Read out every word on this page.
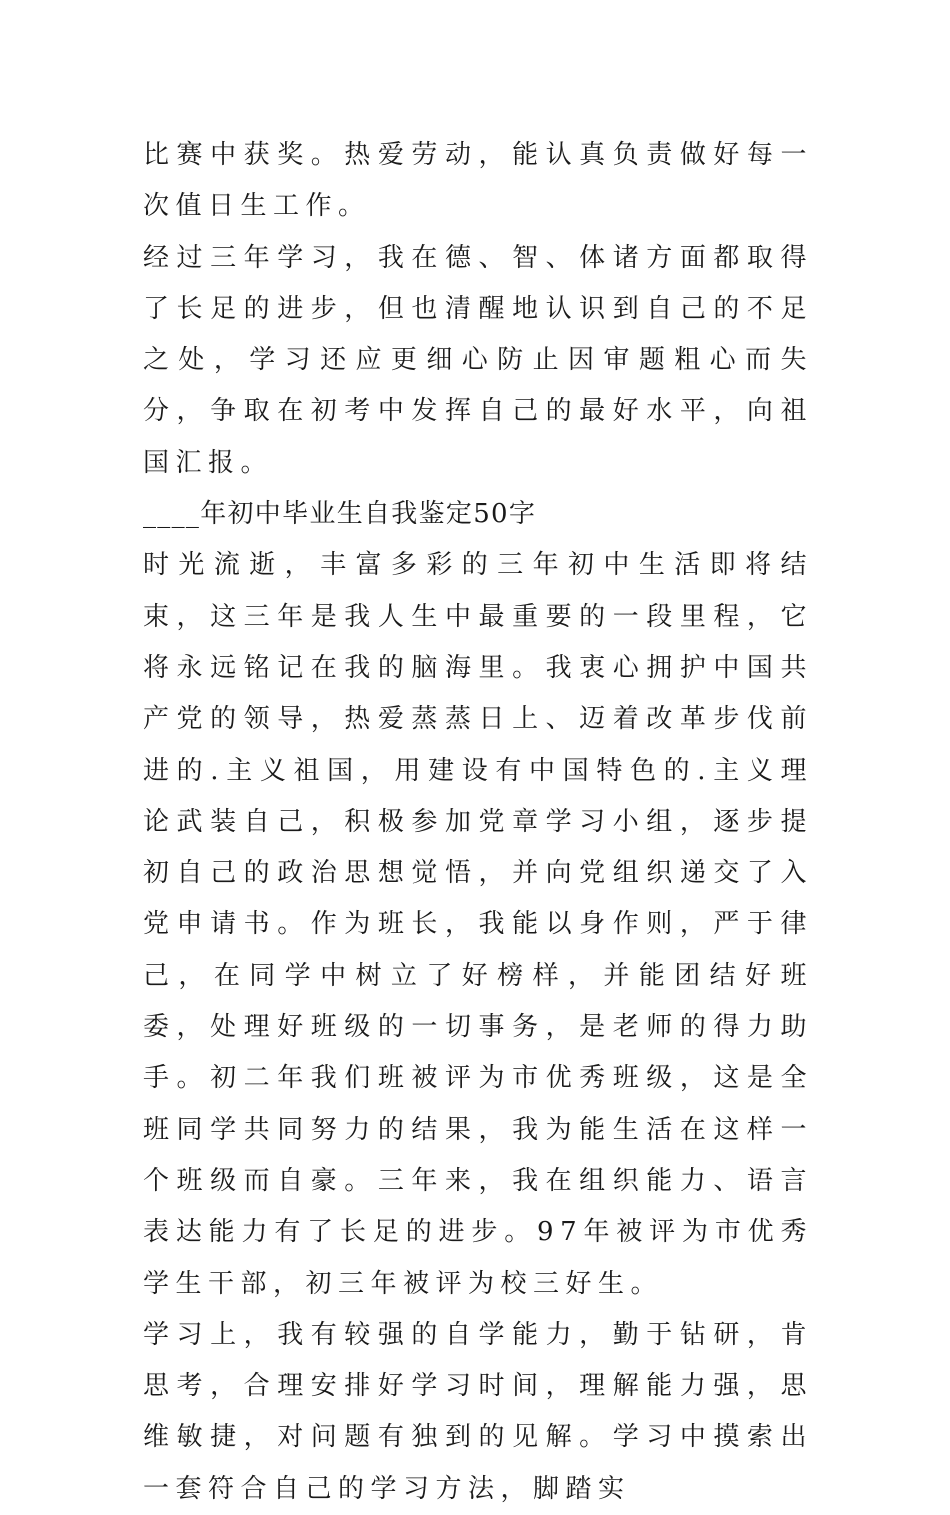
比赛中获奖。热爱劳动，能认真负责做好每一次值日生工作。

经过三年学习，我在德、智、体诸方面都取得了长足的进步，但也清醒地认识到自己的不足之处，学习还应更细心防止因审题粗心而失分，争取在初考中发挥自己的最好水平，向祖国汇报。

____年初中毕业生自我鉴定50字

时光流逝，丰富多彩的三年初中生活即将结束，这三年是我人生中最重要的一段里程，它将永远铭记在我的脑海里。我衷心拥护中国共产党的领导，热爱蒸蒸日上、迈着改革步伐前进的.主义祖国，用建设有中国特色的.主义理论武装自己，积极参加党章学习小组，逐步提初自己的政治思想觉悟，并向党组织递交了入党申请书。作为班长，我能以身作则，严于律己，在同学中树立了好榜样，并能团结好班委，处理好班级的一切事务，是老师的得力助手。初二年我们班被评为市优秀班级，这是全班同学共同努力的结果，我为能生活在这样一个班级而自豪。三年来，我在组织能力、语言表达能力有了长足的进步。97年被评为市优秀学生干部，初三年被评为校三好生。

学习上，我有较强的自学能力，勤于钻研，肯思考，合理安排好学习时间，理解能力强，思维敏捷，对问题有独到的见解。学习中摸索出一套符合自己的学习方法，脚踏实
